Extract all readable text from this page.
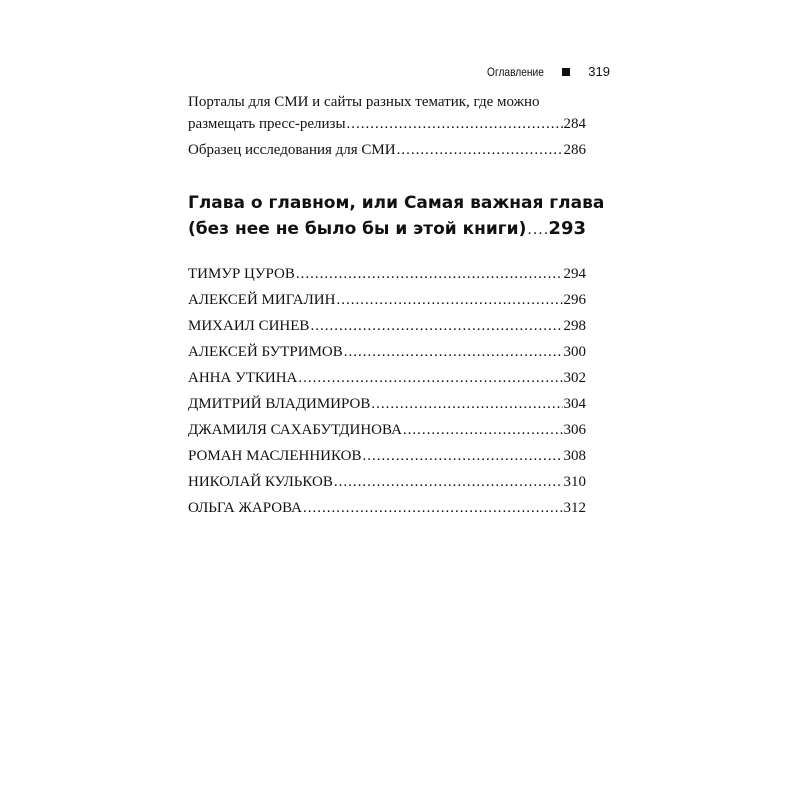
Оглавление	319
Порталы для СМИ и сайты разных тематик, где можно
размещать пресс-релизы .....	284
Образец исследования для СМИ .....	286
Глава о главном, или Самая важная глава
(без нее не было бы и этой книги) ..... 293
ТИМУР ЦУРОВ .....	294
АЛЕКСЕЙ МИГАЛИН .....	296
МИХАИЛ СИНЕВ .....	298
АЛЕКСЕЙ БУТРИМОВ .....	300
АННА УТКИНА .....	302
ДМИТРИЙ ВЛАДИМИРОВ .....	304
ДЖАМИЛЯ САХАБУТДИНОВА .....	306
РОМАН МАСЛЕННИКОВ .....	308
НИКОЛАЙ КУЛЬКОВ .....	310
ОЛЬГА ЖАРОВА .....	312
